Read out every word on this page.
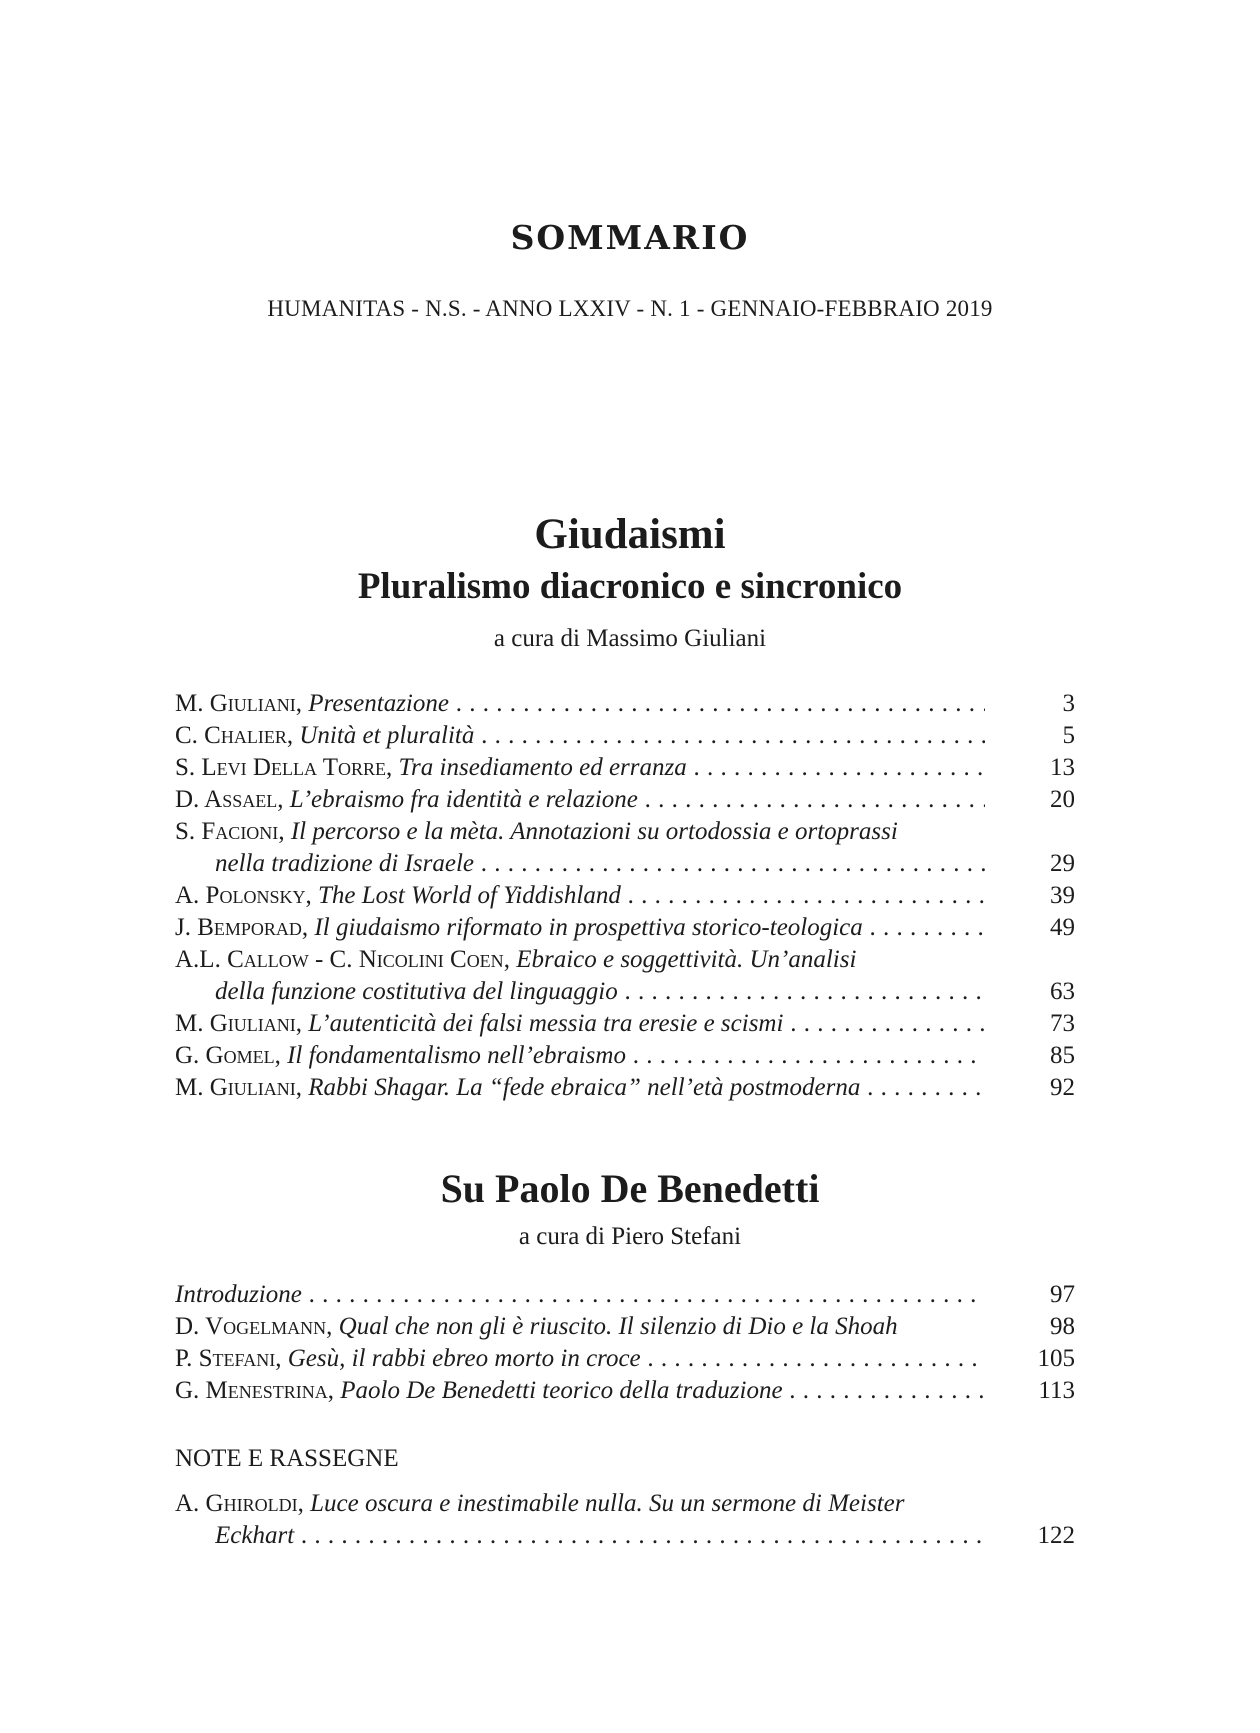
SOMMARIO
HUMANITAS - N.S. - ANNO LXXIV - N. 1 - GENNAIO-FEBBRAIO 2019
Giudaismi
Pluralismo diacronico e sincronico
a cura di Massimo Giuliani
M. Giuliani, Presentazione . . .	3
C. Chalier, Unità et pluralità . . .	5
S. Levi Della Torre, Tra insediamento ed erranza . . .	13
D. Assael, L’ebraismo fra identità e relazione . . .	20
S. Facioni, Il percorso e la mèta. Annotazioni su ortodossia e ortoprassi
nella tradizione di Israele . . .	29
A. Polonsky, The Lost World of Yiddishland . . .	39
J. Bemporad, Il giudaismo riformato in prospettiva storico-teologica . . .	49
A.L. Callow - C. Nicolini Coen, Ebraico e soggettività. Un’analisi
della funzione costitutiva del linguaggio . . .	63
M. Giuliani, L’autenticità dei falsi messia tra eresie e scismi . . .	73
G. Gomel, Il fondamentalismo nell’ebraismo . . .	85
M. Giuliani, Rabbi Shagar. La “fede ebraica” nell’età postmoderna . . .	92
Su Paolo De Benedetti
a cura di Piero Stefani
Introduzione . . .	97
D. Vogelmann, Qual che non gli è riuscito. Il silenzio di Dio e la Shoah	98
P. Stefani, Gesù, il rabbi ebreo morto in croce . . .	105
G. Menestrina, Paolo De Benedetti teorico della traduzione . . .	113
NOTE E RASSEGNE
A. Ghiroldi, Luce oscura e inestimabile nulla. Su un sermone di Meister
Eckhart . . .	122
